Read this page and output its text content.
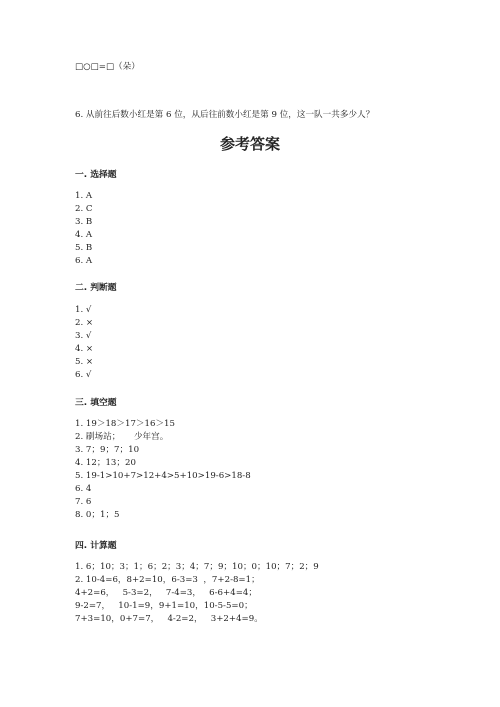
□○□=□（朵）
6. 从前往后数小红是第 6 位，从后往前数小红是第 9 位，这一队一共多少人？
参考答案
一. 选择题
1. A
2. C
3. B
4. A
5. B
6. A
二. 判断题
1. √
2. ×
3. √
4. ×
5. ×
6. √
三. 填空题
1. 19＞18＞17＞16＞15
2. 刷场站；     少年宫。
3. 7；9；7；10
4. 12；13；20
5. 19-1>10+7>12+4>5+10>19-6>18-8
6. 4
7. 6
8. 0；1；5
四. 计算题
1. 6；10；3；1；6；2；3；4；7；9；10；0；10；7；2；9
2. 10-4=6，8+2=10，6-3=3  ，7+2-8=1；
4+2=6，   5-3=2，   7-4=3，   6-6+4=4；
9-2=7，   10-1=9，9+1=10，10-5-5=0；
7+3=10，0+7=7，   4-2=2，   3+2+4=9。
